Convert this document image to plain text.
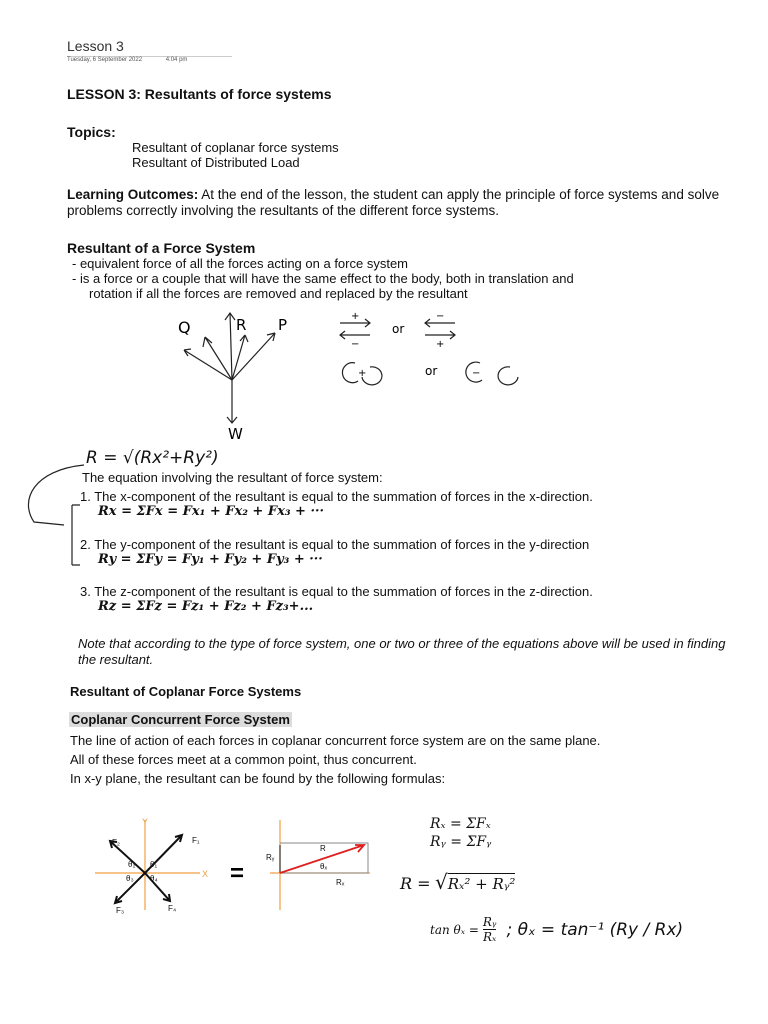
Lesson 3
Tuesday, 6 September 2022	4:04 pm
LESSON 3: Resultants of force systems
Topics:
Resultant of coplanar force systems
Resultant of Distributed Load
Learning Outcomes: At the end of the lesson, the student can apply the principle of force systems and solve problems correctly involving the resultants of the different force systems.
Resultant of a Force System
- equivalent force of all the forces acting on a force system
- is a force or a couple that will have the same effect to the body, both in translation and
rotation if all the forces are removed and replaced by the resultant
Q	R P
W
+
−
−
+
or
or
+	−
R = √(Rx²+Ry²)
The equation involving the resultant of force system:
1. The x-component of the resultant is equal to the summation of forces in the x-direction.
Rx = ΣFx = Fx₁ + Fx₂ + Fx₃ + ···
2. The y-component of the resultant is equal to the summation of forces in the y-direction
Ry = ΣFy = Fy₁ + Fy₂ + Fy₃ + ···
3. The z-component of the resultant is equal to the summation of forces in the z-direction.
Rz = ΣFz = Fz₁ + Fz₂ + Fz₃+...
Note that according to the type of force system, one or two or three of the equations above will be used in finding the resultant.
Resultant of Coplanar Force Systems
Coplanar Concurrent Force System
The line of action of each forces in coplanar concurrent force system are on the same plane.
All of these forces meet at a common point, thus concurrent.
In x-y plane, the resultant can be found by the following formulas:
Y
X
F₁
F₂
F₃	F₄
θ₁
θ₂
θ₃ θ₄
Rᵧ
R
θₓ
Rₓ
=
Rₓ = ΣFₓ
Rᵧ = ΣFᵧ
R = √Rₓ² + Rᵧ²
$\tan \theta_x = \frac{\text{Rᵧ}}{\text{Rₓ}}$ ; θₓ = tan⁻¹ (Ry / Rx)
